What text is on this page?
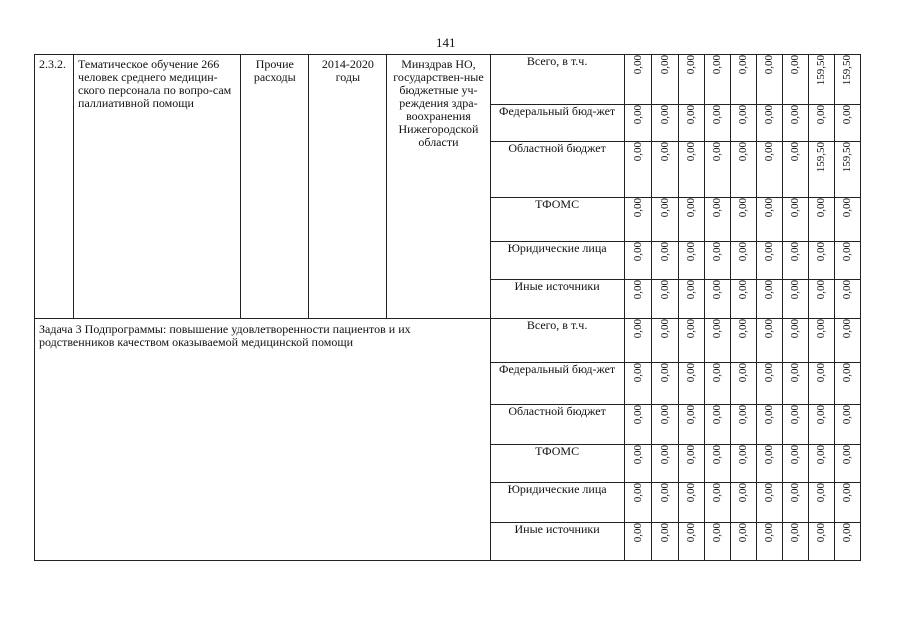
141
2.3.2.	Тематическое обучение 266 человек среднего медицин-ского персонала по вопро-сам паллиативной помощи	Прочие расходы	2014-2020 годы	Минздрав НО, государствен-ные бюджетные уч-реждения здра-воохранения Нижегородской области	Всего, в т.ч.	0,00	0,00	0,00	0,00	0,00	0,00	0,00	159,50	159,50
					Федеральный бюд-жет	0,00	0,00	0,00	0,00	0,00	0,00	0,00	0,00	0,00
					Областной бюджет	0,00	0,00	0,00	0,00	0,00	0,00	0,00	159,50	159,50
					ТФОМС	0,00	0,00	0,00	0,00	0,00	0,00	0,00	0,00	0,00
					Юридические лица	0,00	0,00	0,00	0,00	0,00	0,00	0,00	0,00	0,00
					Иные источники	0,00	0,00	0,00	0,00	0,00	0,00	0,00	0,00	0,00
Задача 3 Подпрограммы: повышение удовлетворенности пациентов и их родственников качеством оказываемой медицинской помощи					Всего, в т.ч.	0,00	0,00	0,00	0,00	0,00	0,00	0,00	0,00	0,00
					Федеральный бюд-жет	0,00	0,00	0,00	0,00	0,00	0,00	0,00	0,00	0,00
					Областной бюджет	0,00	0,00	0,00	0,00	0,00	0,00	0,00	0,00	0,00
					ТФОМС	0,00	0,00	0,00	0,00	0,00	0,00	0,00	0,00	0,00
					Юридические лица	0,00	0,00	0,00	0,00	0,00	0,00	0,00	0,00	0,00
					Иные источники	0,00	0,00	0,00	0,00	0,00	0,00	0,00	0,00	0,00
